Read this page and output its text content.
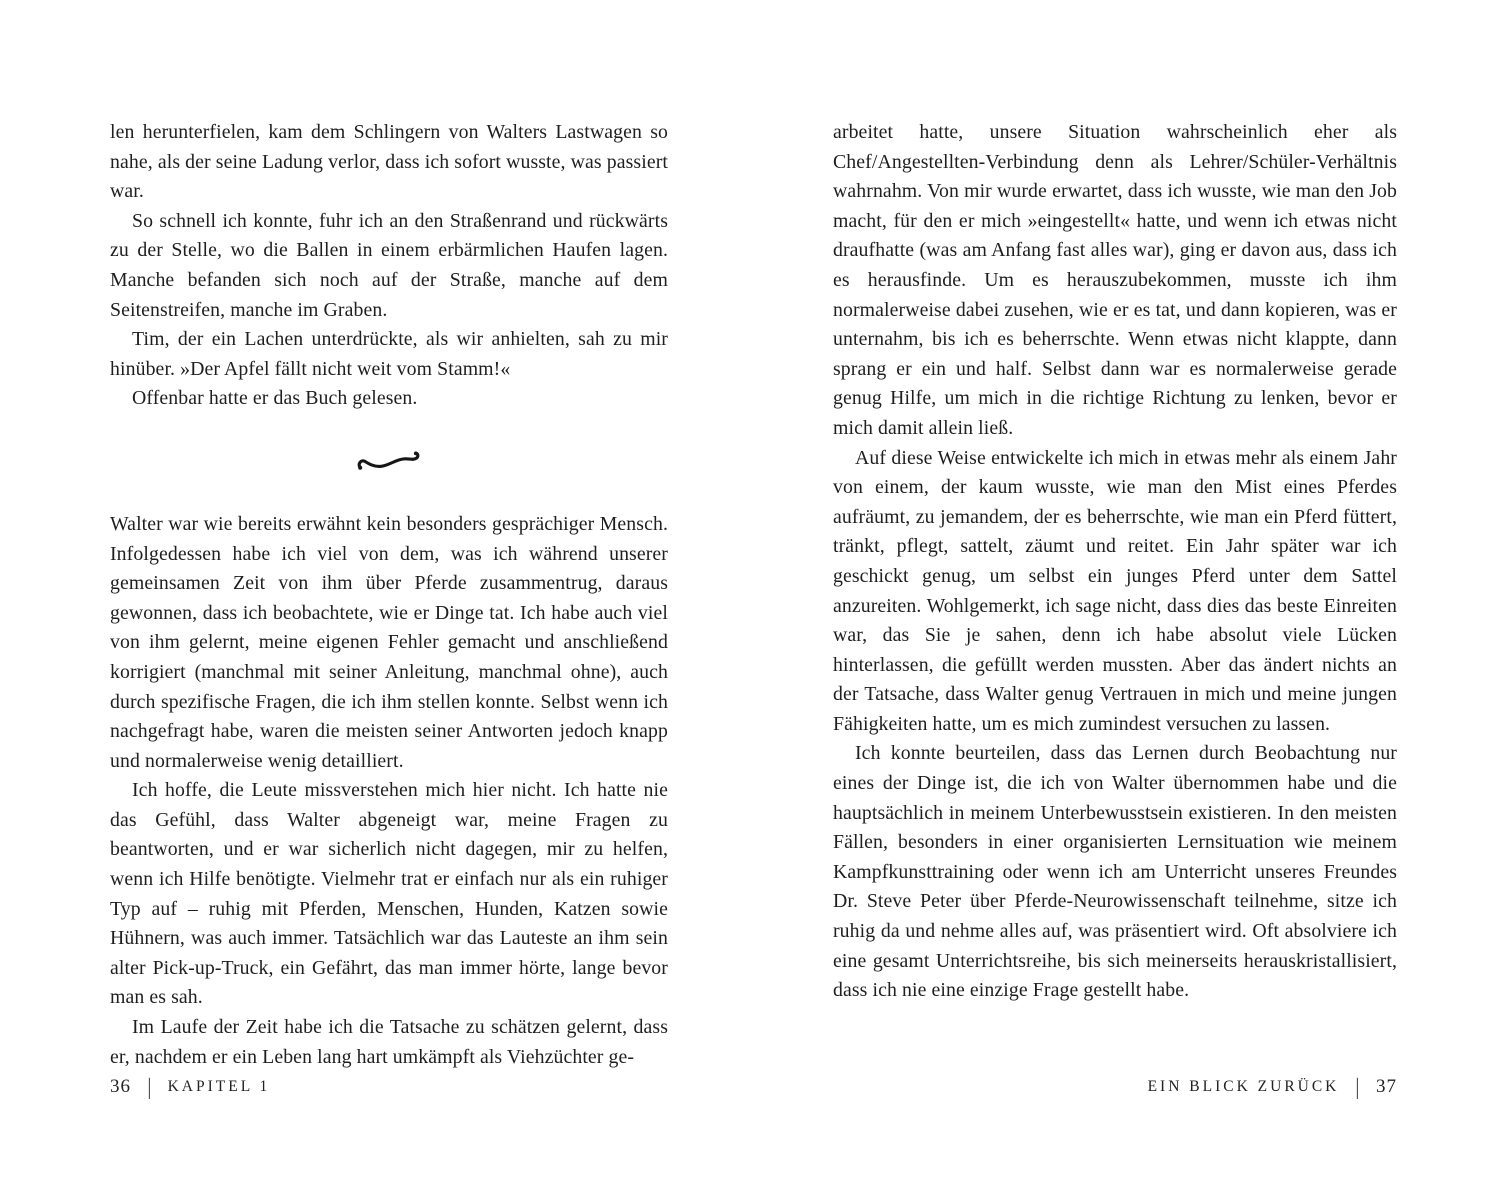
len herunterfielen, kam dem Schlingern von Walters Lastwagen so nahe, als der seine Ladung verlor, dass ich sofort wusste, was passiert war.

So schnell ich konnte, fuhr ich an den Straßenrand und rückwärts zu der Stelle, wo die Ballen in einem erbärmlichen Haufen lagen. Manche befanden sich noch auf der Straße, manche auf dem Seitenstreifen, manche im Graben.

Tim, der ein Lachen unterdrückte, als wir anhielten, sah zu mir hinüber. »Der Apfel fällt nicht weit vom Stamm!«

Offenbar hatte er das Buch gelesen.

Walter war wie bereits erwähnt kein besonders gesprächiger Mensch. Infolgedessen habe ich viel von dem, was ich während unserer gemeinsamen Zeit von ihm über Pferde zusammentrug, daraus gewonnen, dass ich beobachtete, wie er Dinge tat. Ich habe auch viel von ihm gelernt, meine eigenen Fehler gemacht und anschließend korrigiert (manchmal mit seiner Anleitung, manchmal ohne), auch durch spezifische Fragen, die ich ihm stellen konnte. Selbst wenn ich nachgefragt habe, waren die meisten seiner Antworten jedoch knapp und normalerweise wenig detailliert.

Ich hoffe, die Leute missverstehen mich hier nicht. Ich hatte nie das Gefühl, dass Walter abgeneigt war, meine Fragen zu beantworten, und er war sicherlich nicht dagegen, mir zu helfen, wenn ich Hilfe benötigte. Vielmehr trat er einfach nur als ein ruhiger Typ auf – ruhig mit Pferden, Menschen, Hunden, Katzen sowie Hühnern, was auch immer. Tatsächlich war das Lauteste an ihm sein alter Pick-up-Truck, ein Gefährt, das man immer hörte, lange bevor man es sah.

Im Laufe der Zeit habe ich die Tatsache zu schätzen gelernt, dass er, nachdem er ein Leben lang hart umkämpft als Viehzüchter ge-

arbeitet hatte, unsere Situation wahrscheinlich eher als Chef/Angestellten-Verbindung denn als Lehrer/Schüler-Verhältnis wahrnahm. Von mir wurde erwartet, dass ich wusste, wie man den Job macht, für den er mich »eingestellt« hatte, und wenn ich etwas nicht draufhatte (was am Anfang fast alles war), ging er davon aus, dass ich es herausfinde. Um es herauszubekommen, musste ich ihm normalerweise dabei zusehen, wie er es tat, und dann kopieren, was er unternahm, bis ich es beherrschte. Wenn etwas nicht klappte, dann sprang er ein und half. Selbst dann war es normalerweise gerade genug Hilfe, um mich in die richtige Richtung zu lenken, bevor er mich damit allein ließ.

Auf diese Weise entwickelte ich mich in etwas mehr als einem Jahr von einem, der kaum wusste, wie man den Mist eines Pferdes aufräumt, zu jemandem, der es beherrschte, wie man ein Pferd füttert, tränkt, pflegt, sattelt, zäumt und reitet. Ein Jahr später war ich geschickt genug, um selbst ein junges Pferd unter dem Sattel anzureiten. Wohlgemerkt, ich sage nicht, dass dies das beste Einreiten war, das Sie je sahen, denn ich habe absolut viele Lücken hinterlassen, die gefüllt werden mussten. Aber das ändert nichts an der Tatsache, dass Walter genug Vertrauen in mich und meine jungen Fähigkeiten hatte, um es mich zumindest versuchen zu lassen.

Ich konnte beurteilen, dass das Lernen durch Beobachtung nur eines der Dinge ist, die ich von Walter übernommen habe und die hauptsächlich in meinem Unterbewusstsein existieren. In den meisten Fällen, besonders in einer organisierten Lernsituation wie meinem Kampfkunsttraining oder wenn ich am Unterricht unseres Freundes Dr. Steve Peter über Pferde-Neurowissenschaft teilnehme, sitze ich ruhig da und nehme alles auf, was präsentiert wird. Oft absolviere ich eine gesamt Unterrichtsreihe, bis sich meinerseits herauskristallisiert, dass ich nie eine einzige Frage gestellt habe.

36 | KAPITEL 1	EIN BLICK ZURÜCK | 37
